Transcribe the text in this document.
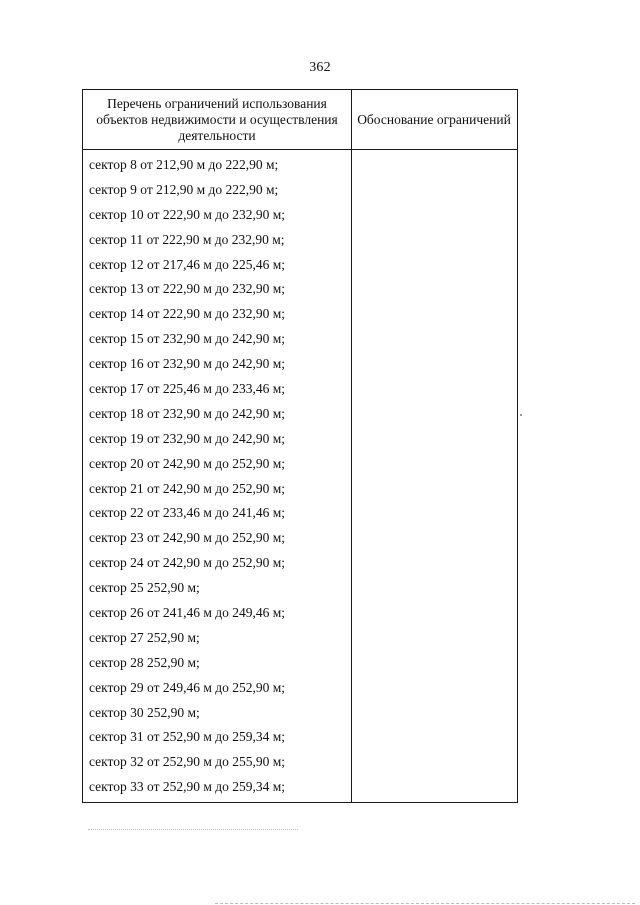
362
Перечень ограничений использования объектов недвижимости и осуществления деятельности
Обоснование ограничений
сектор 8 от 212,90 м до 222,90 м;
сектор 9 от 212,90 м до 222,90 м;
сектор 10 от 222,90 м до 232,90 м;
сектор 11 от 222,90 м до 232,90 м;
сектор 12 от 217,46 м до 225,46 м;
сектор 13 от 222,90 м до 232,90 м;
сектор 14 от 222,90 м до 232,90 м;
сектор 15 от 232,90 м до 242,90 м;
сектор 16 от 232,90 м до 242,90 м;
сектор 17 от 225,46 м до 233,46 м;
сектор 18 от 232,90 м до 242,90 м;
сектор 19 от 232,90 м до 242,90 м;
сектор 20 от 242,90 м до 252,90 м;
сектор 21 от 242,90 м до 252,90 м;
сектор 22 от 233,46 м до 241,46 м;
сектор 23 от 242,90 м до 252,90 м;
сектор 24 от 242,90 м до 252,90 м;
сектор 25 252,90 м;
сектор 26 от 241,46 м до 249,46 м;
сектор 27 252,90 м;
сектор 28 252,90 м;
сектор 29 от 249,46 м до 252,90 м;
сектор 30 252,90 м;
сектор 31 от 252,90 м до 259,34 м;
сектор 32 от 252,90 м до 255,90 м;
сектор 33 от 252,90 м до 259,34 м;
